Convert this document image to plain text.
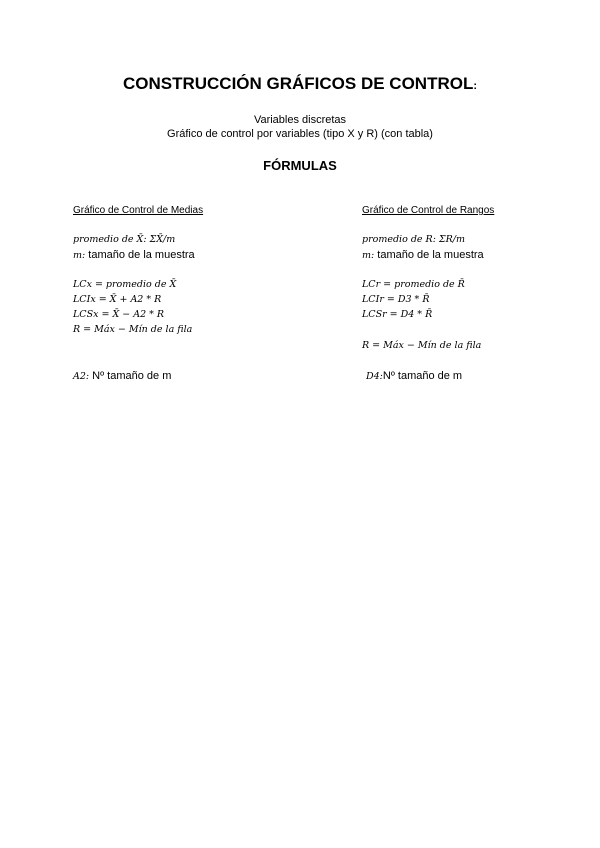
CONSTRUCCIÓN GRÁFICOS DE CONTROL:
Variables discretas
Gráfico de control por variables (tipo X y R) (con tabla)
FÓRMULAS
Gráfico de Control de Medias
promedio de X̄: ΣX̄/m
m: tamaño de la muestra
LCx = promedio de X̄
LCIx = X̄ + A2 * R
LCSx = X̄ − A2 * R
R = Máx − Mín de la fila
A2: Nº tamaño de m
Gráfico de Control de Rangos
promedio de R: ΣR/m
m: tamaño de la muestra
LCr = promedio de R̄
LCIr = D3 * R̄
LCSr = D4 * R̄
R = Máx − Mín de la fila
D4:Nº tamaño de m
